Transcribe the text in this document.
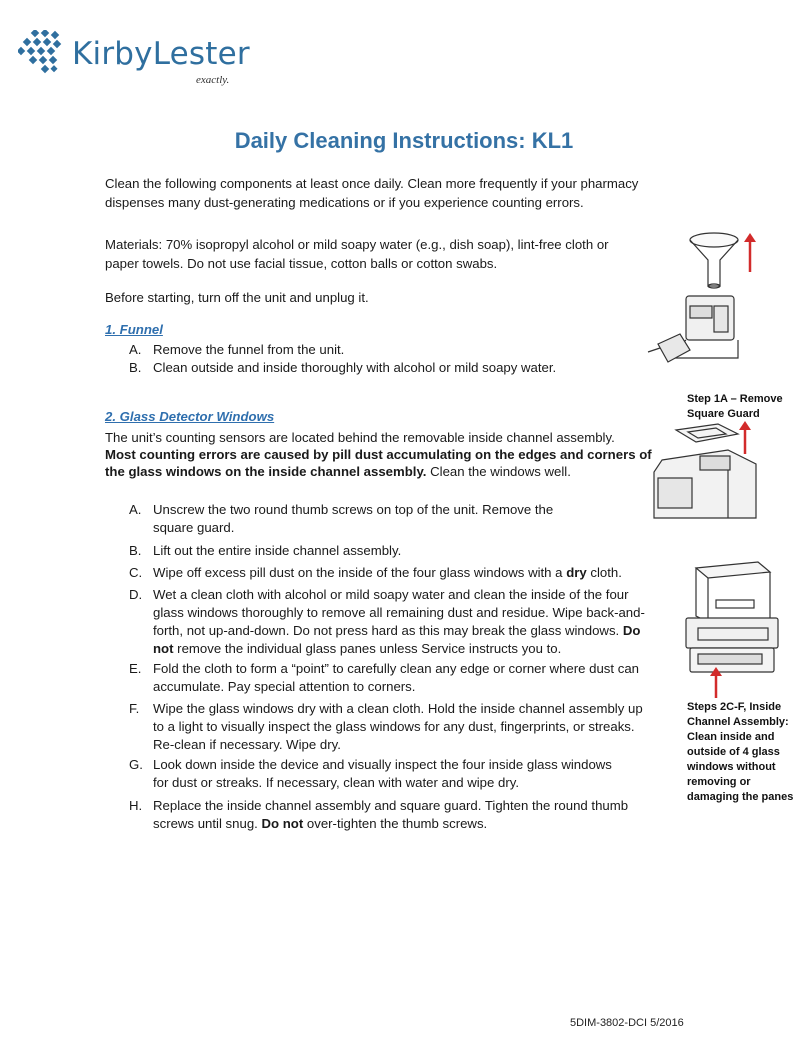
KirbyLester
exactly.
Daily Cleaning Instructions: KL1
Clean the following components at least once daily. Clean more frequently if your pharmacy
dispenses many dust-generating medications or if you experience counting errors.
Materials: 70% isopropyl alcohol or mild soapy water (e.g., dish soap), lint-free cloth or
paper towels. Do not use facial tissue, cotton balls or cotton swabs.
Before starting, turn off the unit and unplug it.
1. Funnel
A. Remove the funnel from the unit.
B. Clean outside and inside thoroughly with alcohol or mild soapy water.
2. Glass Detector Windows
The unit’s counting sensors are located behind the removable inside channel assembly.
Most counting errors are caused by pill dust accumulating on the edges and corners of
the glass windows on the inside channel assembly. Clean the windows well.
A. Unscrew the two round thumb screws on top of the unit. Remove the
square guard.
B. Lift out the entire inside channel assembly.
C. Wipe off excess pill dust on the inside of the four glass windows with a dry cloth.
D. Wet a clean cloth with alcohol or mild soapy water and clean the inside of the four
glass windows thoroughly to remove all remaining dust and residue. Wipe back-and-
forth, not up-and-down. Do not press hard as this may break the glass windows. Do
not remove the individual glass panes unless Service instructs you to.
E. Fold the cloth to form a “point” to carefully clean any edge or corner where dust can
accumulate. Pay special attention to corners.
F. Wipe the glass windows dry with a clean cloth. Hold the inside channel assembly up
to a light to visually inspect the glass windows for any dust, fingerprints, or streaks.
Re-clean if necessary. Wipe dry.
G. Look down inside the device and visually inspect the four inside glass windows
for dust or streaks. If necessary, clean with water and wipe dry.
H. Replace the inside channel assembly and square guard. Tighten the round thumb
screws until snug. Do not over-tighten the thumb screws.
Step 1A – Remove
Square Guard
Steps 2C-F, Inside
Channel Assembly:
Clean inside and
outside of 4 glass
windows without
removing or
damaging the panes
5DIM-3802-DCI 5/2016
